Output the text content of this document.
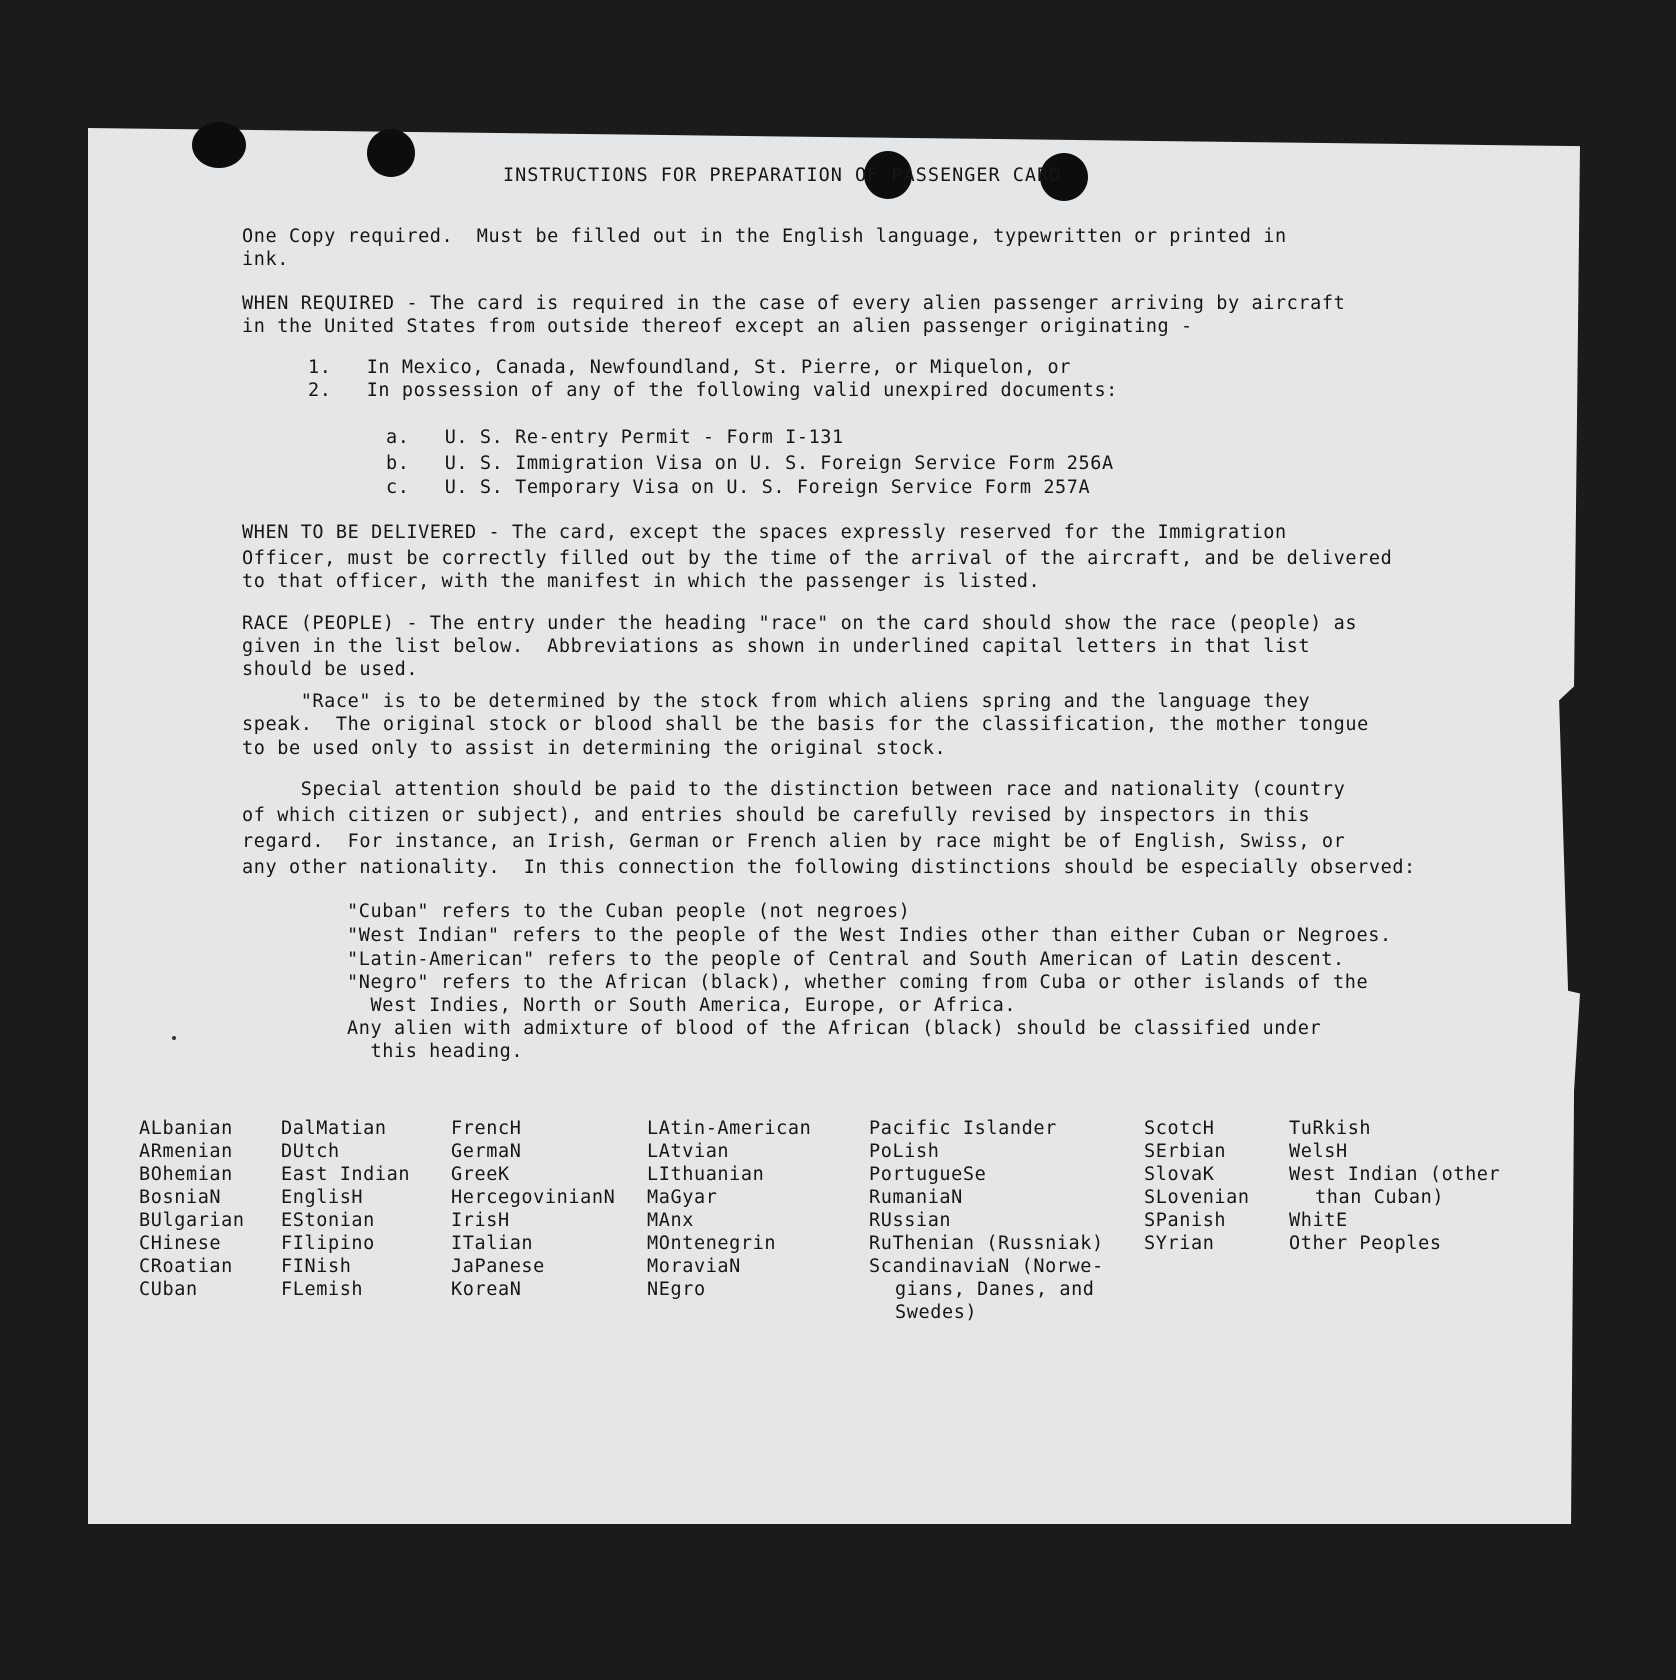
INSTRUCTIONS FOR PREPARATION OF PASSENGER CARD

One Copy required.  Must be filled out in the English language, typewritten or printed in

ink.

WHEN REQUIRED - The card is required in the case of every alien passenger arriving by aircraft

in the United States from outside thereof except an alien passenger originating -

1.   In Mexico, Canada, Newfoundland, St. Pierre, or Miquelon, or

2.   In possession of any of the following valid unexpired documents:

a.   U. S. Re-entry Permit - Form I-131

b.   U. S. Immigration Visa on U. S. Foreign Service Form 256A

c.   U. S. Temporary Visa on U. S. Foreign Service Form 257A

WHEN TO BE DELIVERED - The card, except the spaces expressly reserved for the Immigration

Officer, must be correctly filled out by the time of the arrival of the aircraft, and be delivered

to that officer, with the manifest in which the passenger is listed.

RACE (PEOPLE) - The entry under the heading "race" on the card should show the race (people) as

given in the list below.  Abbreviations as shown in underlined capital letters in that list

should be used.

"Race" is to be determined by the stock from which aliens spring and the language they

speak.  The original stock or blood shall be the basis for the classification, the mother tongue

to be used only to assist in determining the original stock.

Special attention should be paid to the distinction between race and nationality (country

of which citizen or subject), and entries should be carefully revised by inspectors in this

regard.  For instance, an Irish, German or French alien by race might be of English, Swiss, or

any other nationality.  In this connection the following distinctions should be especially observed:

"Cuban" refers to the Cuban people (not negroes)

"West Indian" refers to the people of the West Indies other than either Cuban or Negroes.

"Latin-American" refers to the people of Central and South American of Latin descent.

"Negro" refers to the African (black), whether coming from Cuba or other islands of the

West Indies, North or South America, Europe, or Africa.

Any alien with admixture of blood of the African (black) should be classified under

this heading.

ALbanian
ARmenian
BOhemian
BosniaN
BUlgarian
CHinese
CRoatian
CUban
DalMatian
DUtch
East Indian
EnglisH
EStonian
FIlipino
FINish
FLemish
FrencH
GermaN
GreeK
HercegovinianN
IrisH
ITalian
JaPanese
KoreaN
LAtin-American
LAtvian
LIthuanian
MaGyar
MAnx
MOntenegrin
MoraviaN
NEgro
Pacific Islander
PoLish
PortugueSe
RumaniaN
RUssian
RuThenian (Russniak)
ScandinaviaN (Norwe-
gians, Danes, and
Swedes)
ScotcH
SErbian
SlovaK
SLovenian
SPanish
SYrian
TuRkish
WelsH
West Indian (other
than Cuban)
WhitE
Other Peoples
